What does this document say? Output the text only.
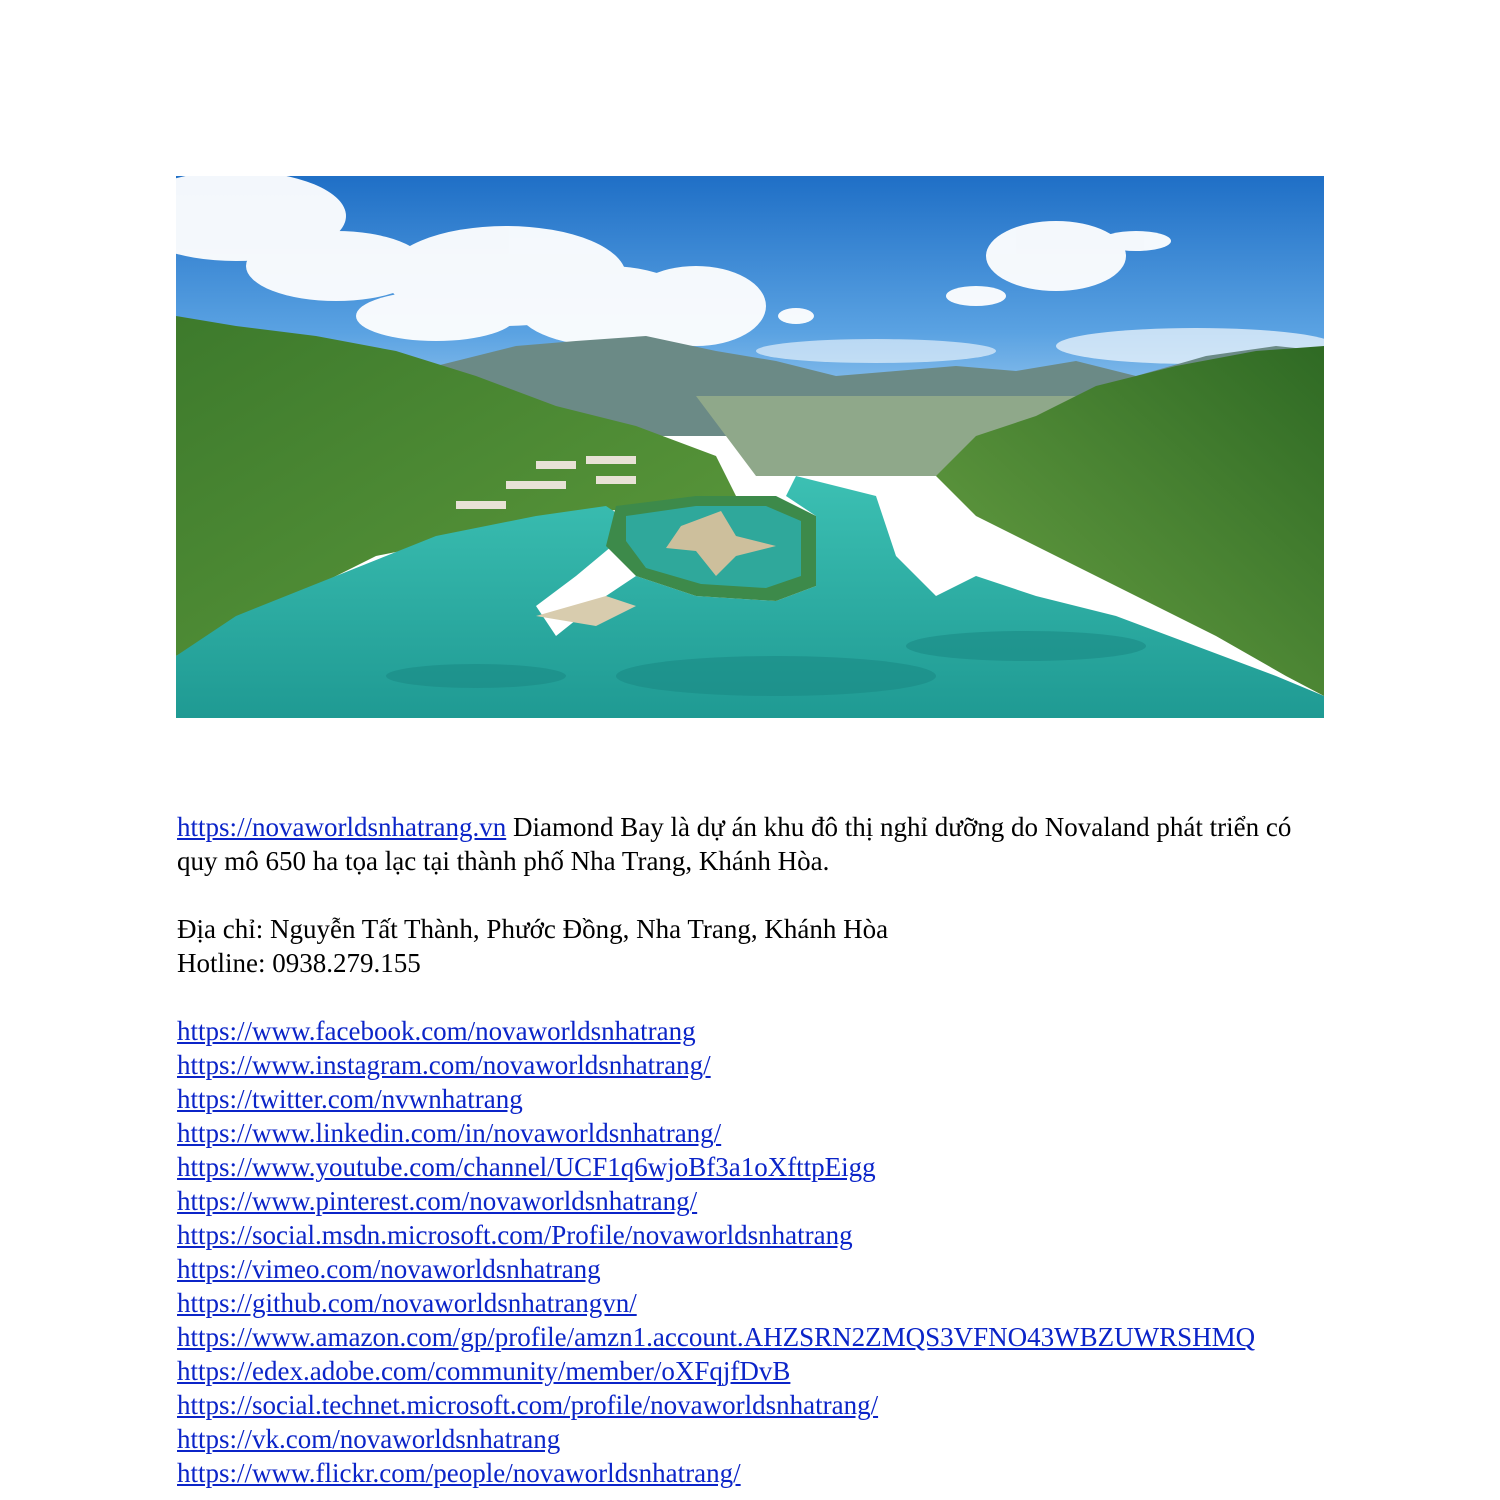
https://novaworldsnhatrang.vn Diamond Bay là dự án khu đô thị nghỉ dưỡng do Novaland phát triển có quy mô 650 ha tọa lạc tại thành phố Nha Trang, Khánh Hòa.

Địa chỉ: Nguyễn Tất Thành, Phước Đồng, Nha Trang, Khánh Hòa

Hotline: 0938.279.155

https://www.facebook.com/novaworldsnhatrang
https://www.instagram.com/novaworldsnhatrang/
https://twitter.com/nvwnhatrang
https://www.linkedin.com/in/novaworldsnhatrang/
https://www.youtube.com/channel/UCF1q6wjoBf3a1oXfttpEigg
https://www.pinterest.com/novaworldsnhatrang/
https://social.msdn.microsoft.com/Profile/novaworldsnhatrang
https://vimeo.com/novaworldsnhatrang
https://github.com/novaworldsnhatrangvn/
https://www.amazon.com/gp/profile/amzn1.account.AHZSRN2ZMQS3VFNO43WBZUWRSHMQ
https://edex.adobe.com/community/member/oXFqjfDvB
https://social.technet.microsoft.com/profile/novaworldsnhatrang/
https://vk.com/novaworldsnhatrang
https://www.flickr.com/people/novaworldsnhatrang/
